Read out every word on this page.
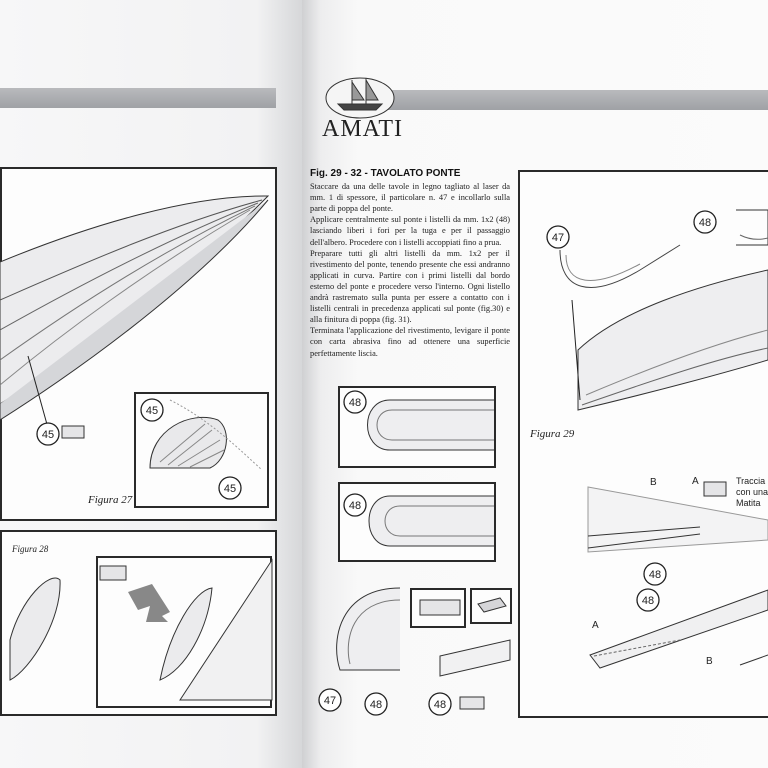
45
45
45
47
48
48
48
48
48
47	48	48
B	A
A
B
AMATI
Fig. 29 - 32 - TAVOLATO PONTE

Staccare da una delle tavole in legno tagliato al laser da mm. 1 di spessore, il particolare n. 47 e incollarlo sulla parte di poppa del ponte.

Applicare centralmente sul ponte i listelli da mm. 1x2 (48) lasciando liberi i fori per la tuga e per il passaggio dell'albero. Procedere con i listelli accoppiati fino a prua.

Preparare tutti gli altri listelli da mm. 1x2 per il rivestimento del ponte, tenendo presente che essi andranno applicati in curva. Partire con i primi listelli dal bordo esterno del ponte e procedere verso l'interno. Ogni listello andrà rastremato sulla punta per essere a contatto con i listelli centrali in precedenza applicati sul ponte (fig.30) e alla finitura di poppa (fig. 31).

Terminata l'applicazione del rivestimento, levigare il ponte con carta abrasiva fino ad ottenere una superficie perfettamente liscia.

Figura 27
Figura 28
Figura 29
Traccia
con una
Matita
